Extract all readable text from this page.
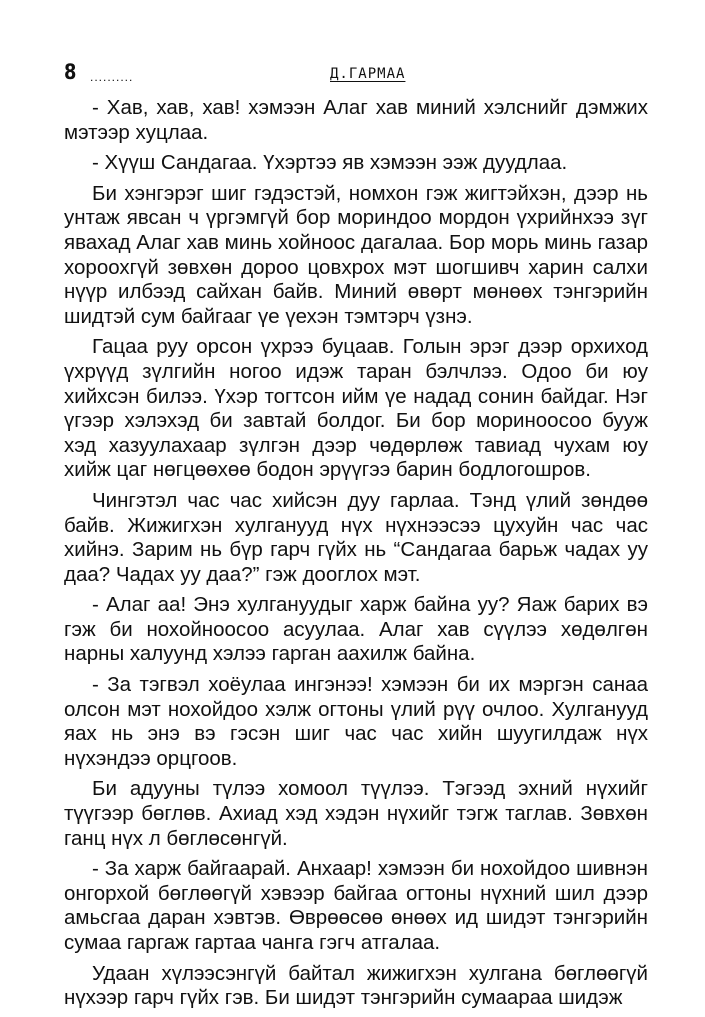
8 ..........	Д.ГАРМАА

- Хав, хав, хав! хэмээн Алаг хав миний хэлснийг дэмжих мэтээр хуцлаа.

- Хүүш Сандагаа. Үхэртээ яв хэмээн ээж дуудлаа.

Би хэнгэрэг шиг гэдэстэй, номхон гэж жигтэйхэн, дээр нь унтаж явсан ч үргэмгүй бор мориндоо мордон үхрийнхээ зүг явахад Алаг хав минь хойноос дагалаа. Бор морь минь газар хороохгүй зөвхөн дороо цовхрох мэт шогшивч харин салхи нүүр илбээд сайхан байв. Миний өвөрт мөнөөх тэнгэрийн шидтэй сум байгааг үе үехэн тэмтэрч үзнэ.

Гацаа руу орсон үхрээ буцаав. Голын эрэг дээр орхиход үхрүүд зүлгийн ногоо идэж таран бэлчлээ. Одоо би юу хийхсэн билээ. Үхэр тогтсон ийм үе надад сонин байдаг. Нэг үгээр хэлэхэд би завтай болдог. Би бор мориноосоо бууж хэд хазуулахаар зүлгэн дээр чөдөрлөж тавиад чухам юу хийж цаг нөгцөөхөө бодон эрүүгээ барин бодлогошров.

Чингэтэл час час хийсэн дуу гарлаа. Тэнд үлий зөндөө байв. Жижигхэн хулганууд нүх нүхнээсээ цухуйн час час хийнэ. Зарим нь бүр гарч гүйх нь “Сандагаа барьж чадах уу даа? Чадах уу даа?” гэж дооглох мэт.

- Алаг аа! Энэ хулгануудыг харж байна уу? Яаж барих вэ гэж би нохойноосоо асуулаа. Алаг хав сүүлээ хөдөлгөн нарны халуунд хэлээ гарган аахилж байна.

- За тэгвэл хоёулаа ингэнээ! хэмээн би их мэргэн санаа олсон мэт нохойдоо хэлж огтоны үлий рүү очлоо. Хулганууд яах нь энэ вэ гэсэн шиг час час хийн шуугилдаж нүх нүхэндээ орцгоов.

Би адууны түлээ хомоол түүлээ. Тэгээд эхний нүхийг түүгээр бөглөв. Ахиад хэд хэдэн нүхийг тэгж таглав. Зөвхөн ганц нүх л бөглөсөнгүй.

- За харж байгаарай. Анхаар! хэмээн би нохойдоо шивнэн онгорхой бөглөөгүй хэвээр байгаа огтоны нүхний шил дээр амьсгаа даран хэвтэв. Өврөөсөө өнөөх ид шидэт тэнгэрийн сумаа гаргаж гартаа чанга гэгч атгалаа.

Удаан хүлээсэнгүй байтал жижигхэн хулгана бөглөөгүй нүхээр гарч гүйх гэв. Би шидэт тэнгэрийн сумаараа шидэж
